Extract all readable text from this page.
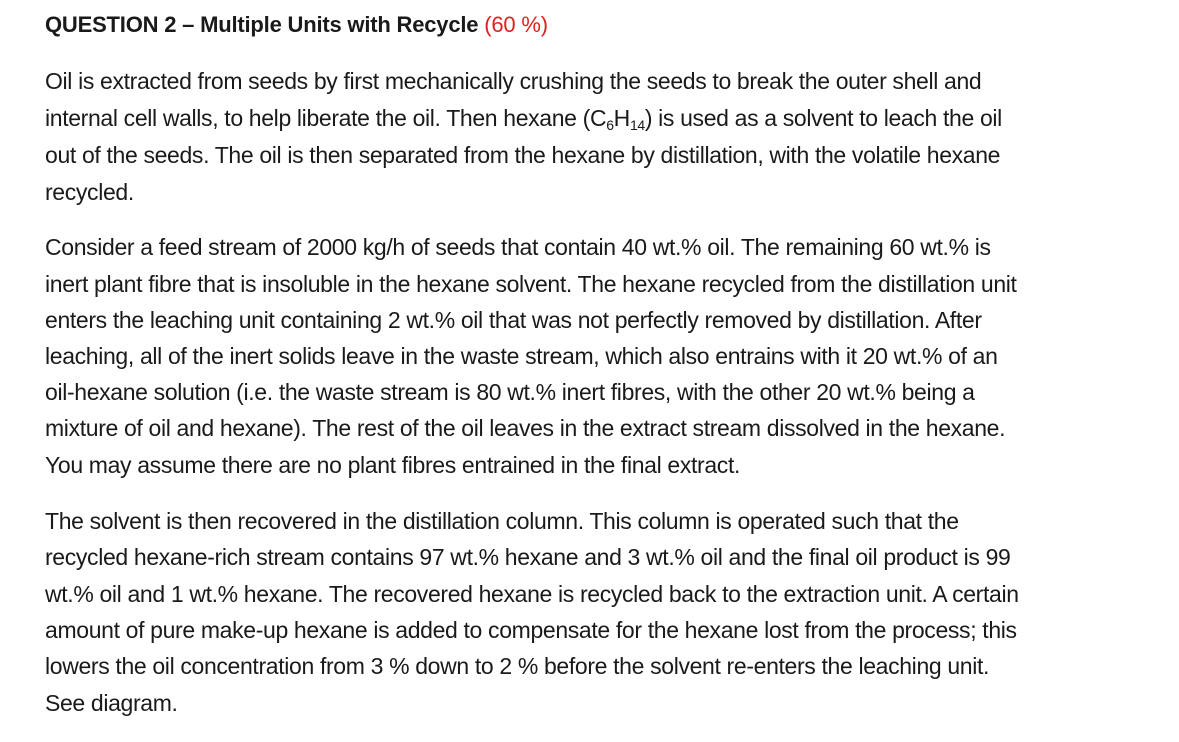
QUESTION 2 – Multiple Units with Recycle (60 %)
Oil is extracted from seeds by first mechanically crushing the seeds to break the outer shell and
internal cell walls, to help liberate the oil. Then hexane $(C_6H_{14})$ is used as a solvent to leach the oil
out of the seeds. The oil is then separated from the hexane by distillation, with the volatile hexane
recycled.
Consider a feed stream of 2000 kg/h of seeds that contain 40 wt.% oil. The remaining 60 wt.% is
inert plant fibre that is insoluble in the hexane solvent. The hexane recycled from the distillation unit
enters the leaching unit containing 2 wt.% oil that was not perfectly removed by distillation. After
leaching, all of the inert solids leave in the waste stream, which also entrains with it 20 wt.% of an
oil-hexane solution (i.e. the waste stream is 80 wt.% inert fibres, with the other 20 wt.% being a
mixture of oil and hexane). The rest of the oil leaves in the extract stream dissolved in the hexane.
You may assume there are no plant fibres entrained in the final extract.
The solvent is then recovered in the distillation column. This column is operated such that the
recycled hexane-rich stream contains 97 wt.% hexane and 3 wt.% oil and the final oil product is 99
wt.% oil and 1 wt.% hexane. The recovered hexane is recycled back to the extraction unit. A certain
amount of pure make-up hexane is added to compensate for the hexane lost from the process; this
lowers the oil concentration from 3 % down to 2 % before the solvent re-enters the leaching unit.
See diagram.
